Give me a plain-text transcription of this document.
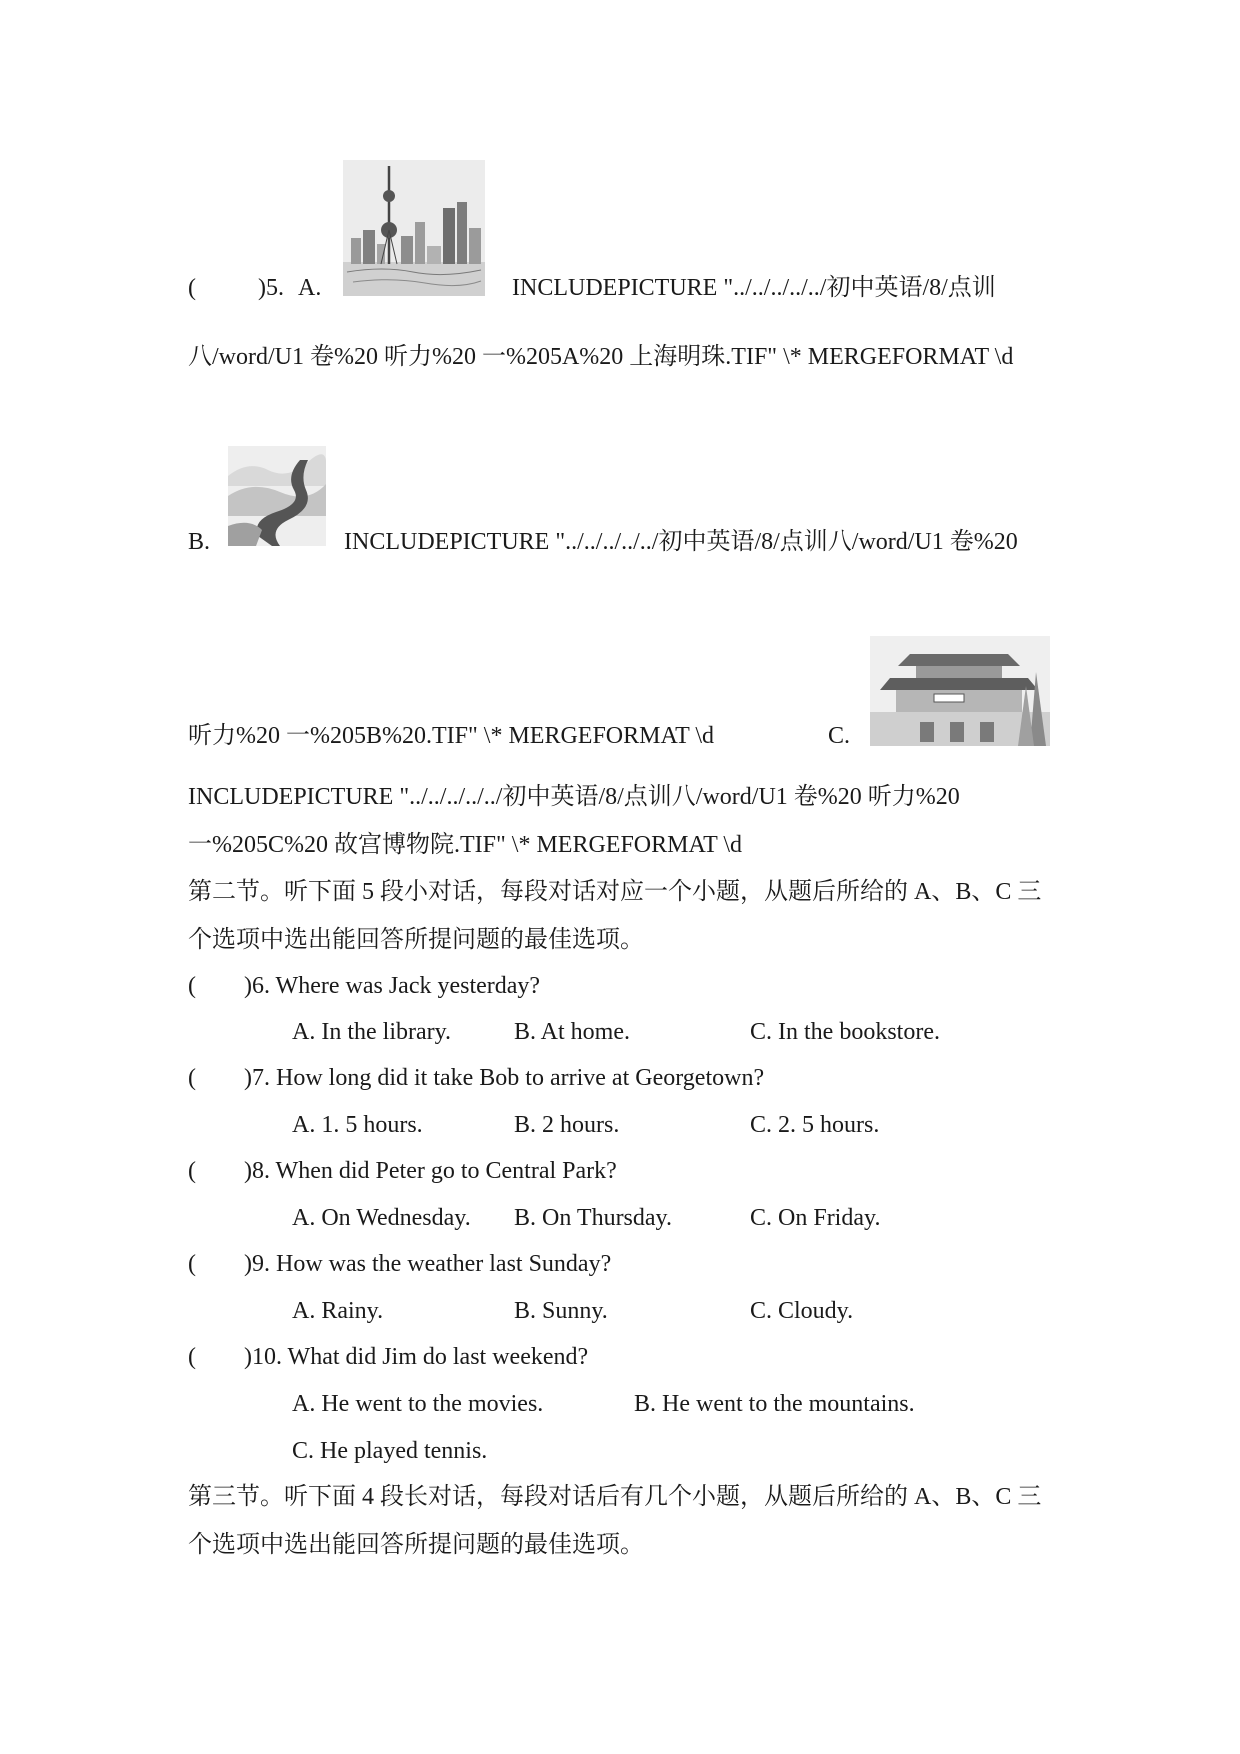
(	)5. A.	INCLUDEPICTURE "../../../../../初中英语/8/点训
八/word/U1 卷%20 听力%20 一%205A%20 上海明珠.TIF" \* MERGEFORMAT \d
B.	INCLUDEPICTURE "../../../../../初中英语/8/点训八/word/U1 卷%20
听力%20 一%205B%20.TIF" \* MERGEFORMAT \d	C.
INCLUDEPICTURE "../../../../../初中英语/8/点训八/word/U1 卷%20 听力%20
一%205C%20 故宫博物院.TIF" \* MERGEFORMAT \d
第二节。听下面 5 段小对话，每段对话对应一个小题，从题后所给的 A、B、C 三
个选项中选出能回答所提问题的最佳选项。
( )6. Where was Jack yesterday?
A. In the library.	B. At home.	C. In the bookstore.
( )7. How long did it take Bob to arrive at Georgetown?
A. 1. 5 hours.	B. 2 hours.	C. 2. 5 hours.
( )8. When did Peter go to Central Park?
A. On Wednesday. B. On Thursday.	C. On Friday.
( )9. How was the weather last Sunday?
A. Rainy.	B. Sunny.	C. Cloudy.
( )10. What did Jim do last weekend?
A. He went to the movies.	B. He went to the mountains.
C. He played tennis.
第三节。听下面 4 段长对话，每段对话后有几个小题，从题后所给的 A、B、C 三
个选项中选出能回答所提问题的最佳选项。
